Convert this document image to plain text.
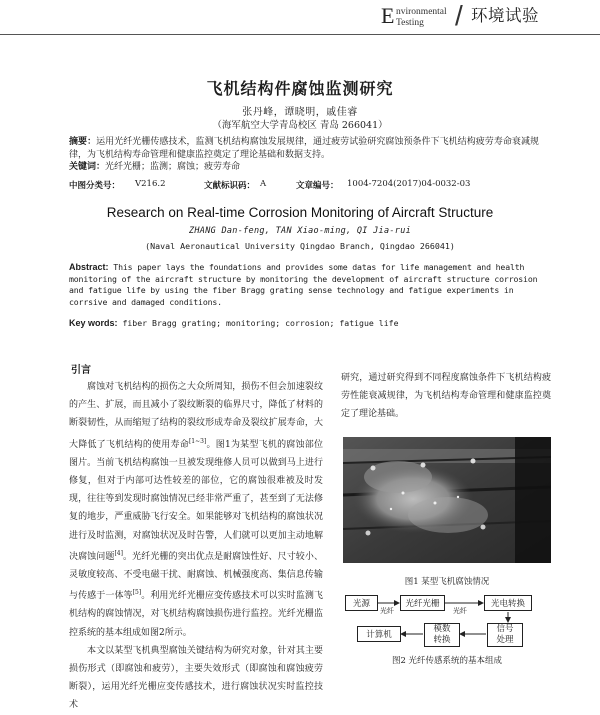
E nvironmental
Testing / 环境试验
飞机结构件腐蚀监测研究
张丹峰，谭晓明，戚佳睿
（海军航空大学青岛校区 青岛 266041）
摘要：运用光纤光栅传感技术，监测飞机结构腐蚀发展规律，通过疲劳试验研究腐蚀预条件下飞机结构疲劳寿命衰减规律，为飞机结构寿命管理和健康监控奠定了理论基础和数据支持。
关键词：光纤光栅；监测；腐蚀；疲劳寿命
中图分类号： V216.2	文献标识码： A	文章编号： 1004-7204(2017)04-0032-03
Research on Real-time Corrosion Monitoring of Aircraft Structure
ZHANG Dan-feng, TAN Xiao-ming, QI Jia-rui
(Naval Aeronautical University Qingdao Branch, Qingdao 266041)
Abstract: This paper lays the foundations and provides some datas for life management and health monitoring of the aircraft structure by monitoring the development of aircraft structure corrosion and fatigue life by using the fiber Bragg grating sense technology and fatigue experiments in corrsive and damaged conditions.
Key words: fiber Bragg grating; monitoring; corrosion; fatigue life
引言

腐蚀对飞机结构的损伤之大众所周知，损伤不但会加速裂纹的产生、扩展，而且减小了裂纹断裂的临界尺寸，降低了材料的断裂韧性，从而缩短了结构的裂纹形成寿命及裂纹扩展寿命，大大降低了飞机结构的使用寿命[1~3]。图1为某型飞机的腐蚀部位图片。当前飞机结构腐蚀一旦被发现维修人员可以做到马上进行修复，但对于内部可达性较差的部位，它的腐蚀很难被及时发现，往往等到发现时腐蚀情况已经非常严重了，甚至到了无法修复的地步，严重威胁飞行安全。如果能够对飞机结构的腐蚀状况进行及时监测，对腐蚀状况及时告警，人们就可以更加主动地解决腐蚀问题[4]。光纤光栅的突出优点是耐腐蚀性好、尺寸较小、灵敏度较高、不受电磁干扰、耐腐蚀、机械强度高、集信息传输与传感于一体等[5]。利用光纤光栅应变传感技术可以实时监测飞机结构的腐蚀情况，对飞机结构腐蚀损伤进行监控。光纤光栅监控系统的基本组成如图2所示。

本文以某型飞机典型腐蚀关键结构为研究对象，针对其主要损伤形式（即腐蚀和疲劳），主要失效形式（即腐蚀和腐蚀疲劳断裂），运用光纤光栅应变传感技术，进行腐蚀状况实时监控技术

研究，通过研究得到不同程度腐蚀条件下飞机结构疲劳性能衰减规律，为飞机结构寿命管理和健康监控奠定了理论基础。

图1 某型飞机腐蚀情况
光源	光纤光栅	光电转换
计算机
模数转换
信号处理
光纤	光纤
图2 光纤传感系统的基本组成
